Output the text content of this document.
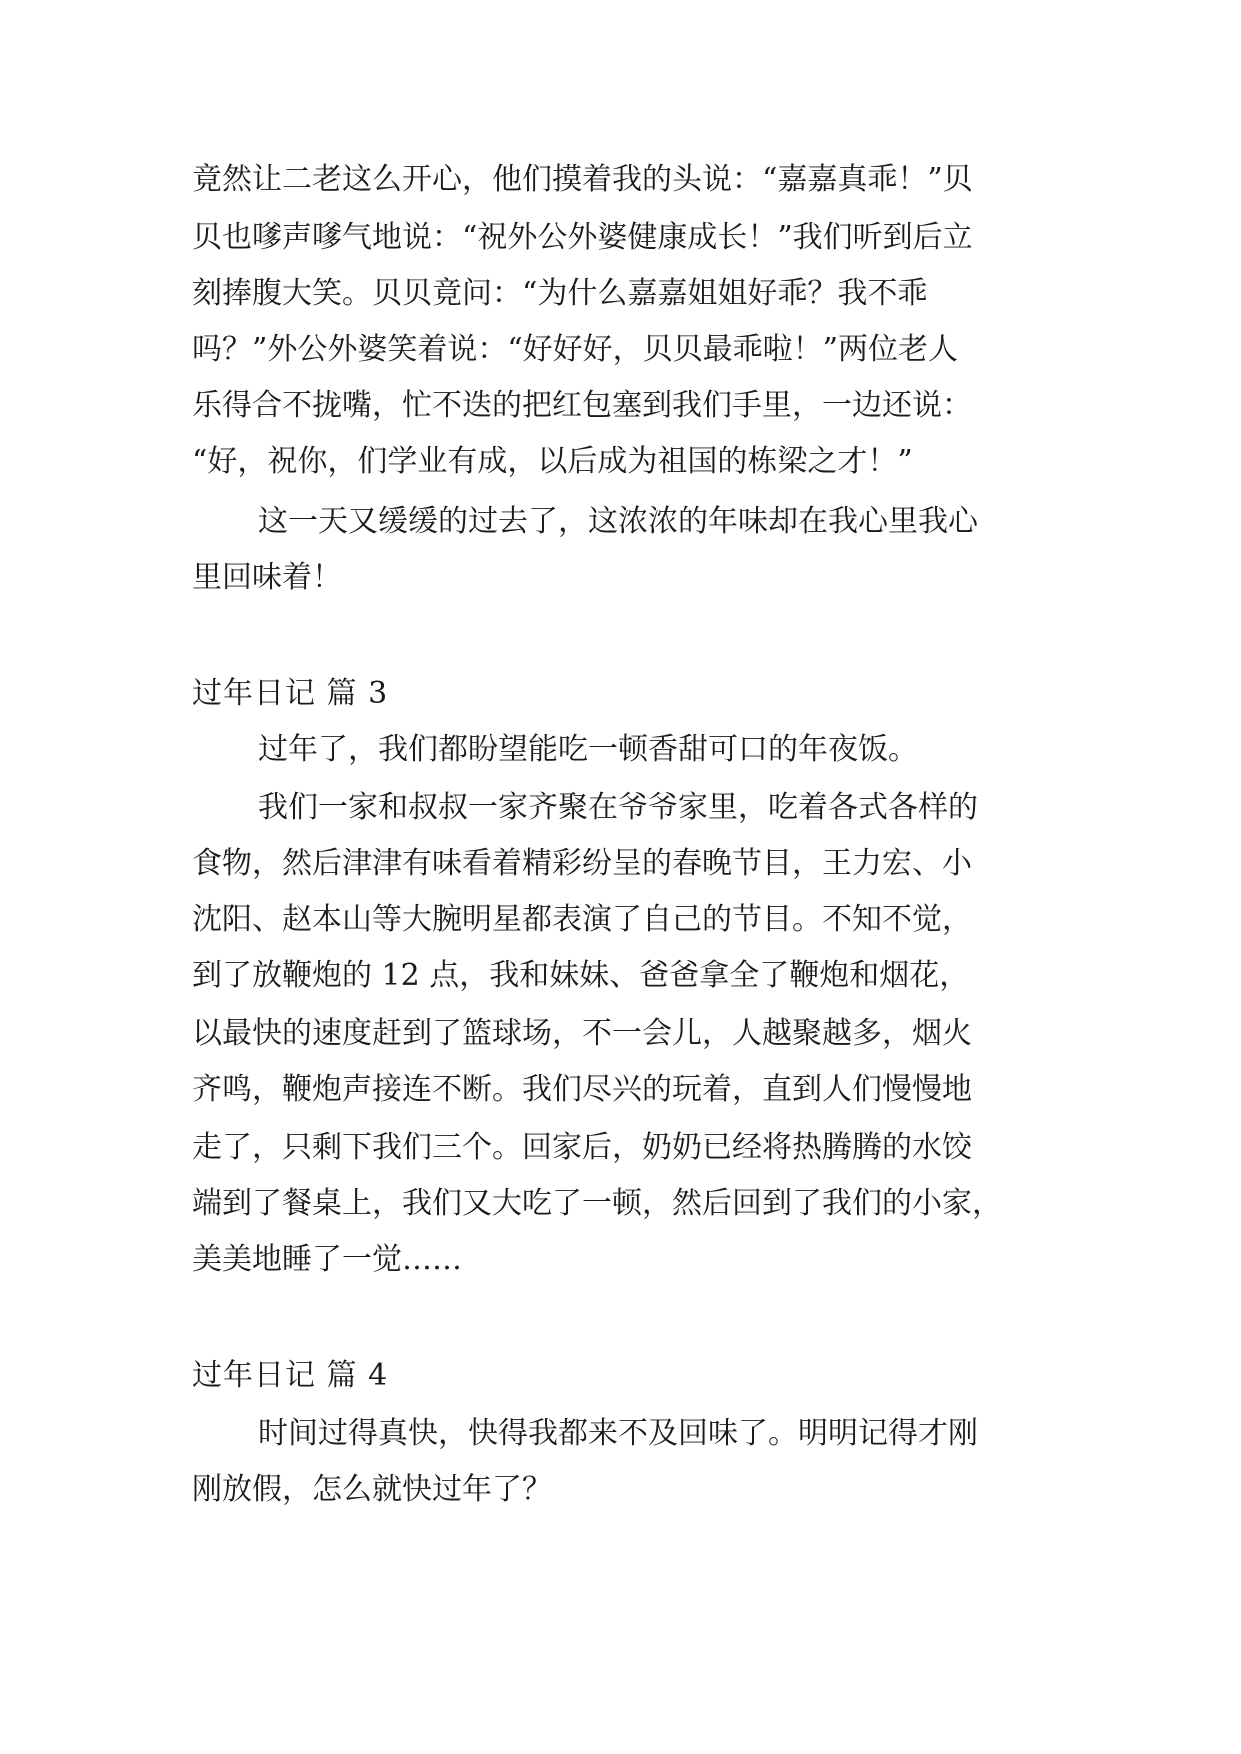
竟然让二老这么开心，他们摸着我的头说：“嘉嘉真乖！”贝
贝也嗲声嗲气地说：“祝外公外婆健康成长！”我们听到后立
刻捧腹大笑。贝贝竟问：“为什么嘉嘉姐姐好乖？我不乖
吗？”外公外婆笑着说：“好好好，贝贝最乖啦！”两位老人
乐得合不拢嘴，忙不迭的把红包塞到我们手里，一边还说：
“好，祝你，们学业有成，以后成为祖国的栋梁之才！”
这一天又缓缓的过去了，这浓浓的年味却在我心里我心
里回味着！
过年日记 篇 3
过年了，我们都盼望能吃一顿香甜可口的年夜饭。
我们一家和叔叔一家齐聚在爷爷家里，吃着各式各样的
食物，然后津津有味看着精彩纷呈的春晚节目，王力宏、小
沈阳、赵本山等大腕明星都表演了自己的节目。不知不觉，
到了放鞭炮的 12 点，我和妹妹、爸爸拿全了鞭炮和烟花，
以最快的速度赶到了篮球场，不一会儿，人越聚越多，烟火
齐鸣，鞭炮声接连不断。我们尽兴的玩着，直到人们慢慢地
走了，只剩下我们三个。回家后，奶奶已经将热腾腾的水饺
端到了餐桌上，我们又大吃了一顿，然后回到了我们的小家，
美美地睡了一觉……
过年日记 篇 4
时间过得真快，快得我都来不及回味了。明明记得才刚
刚放假，怎么就快过年了？
